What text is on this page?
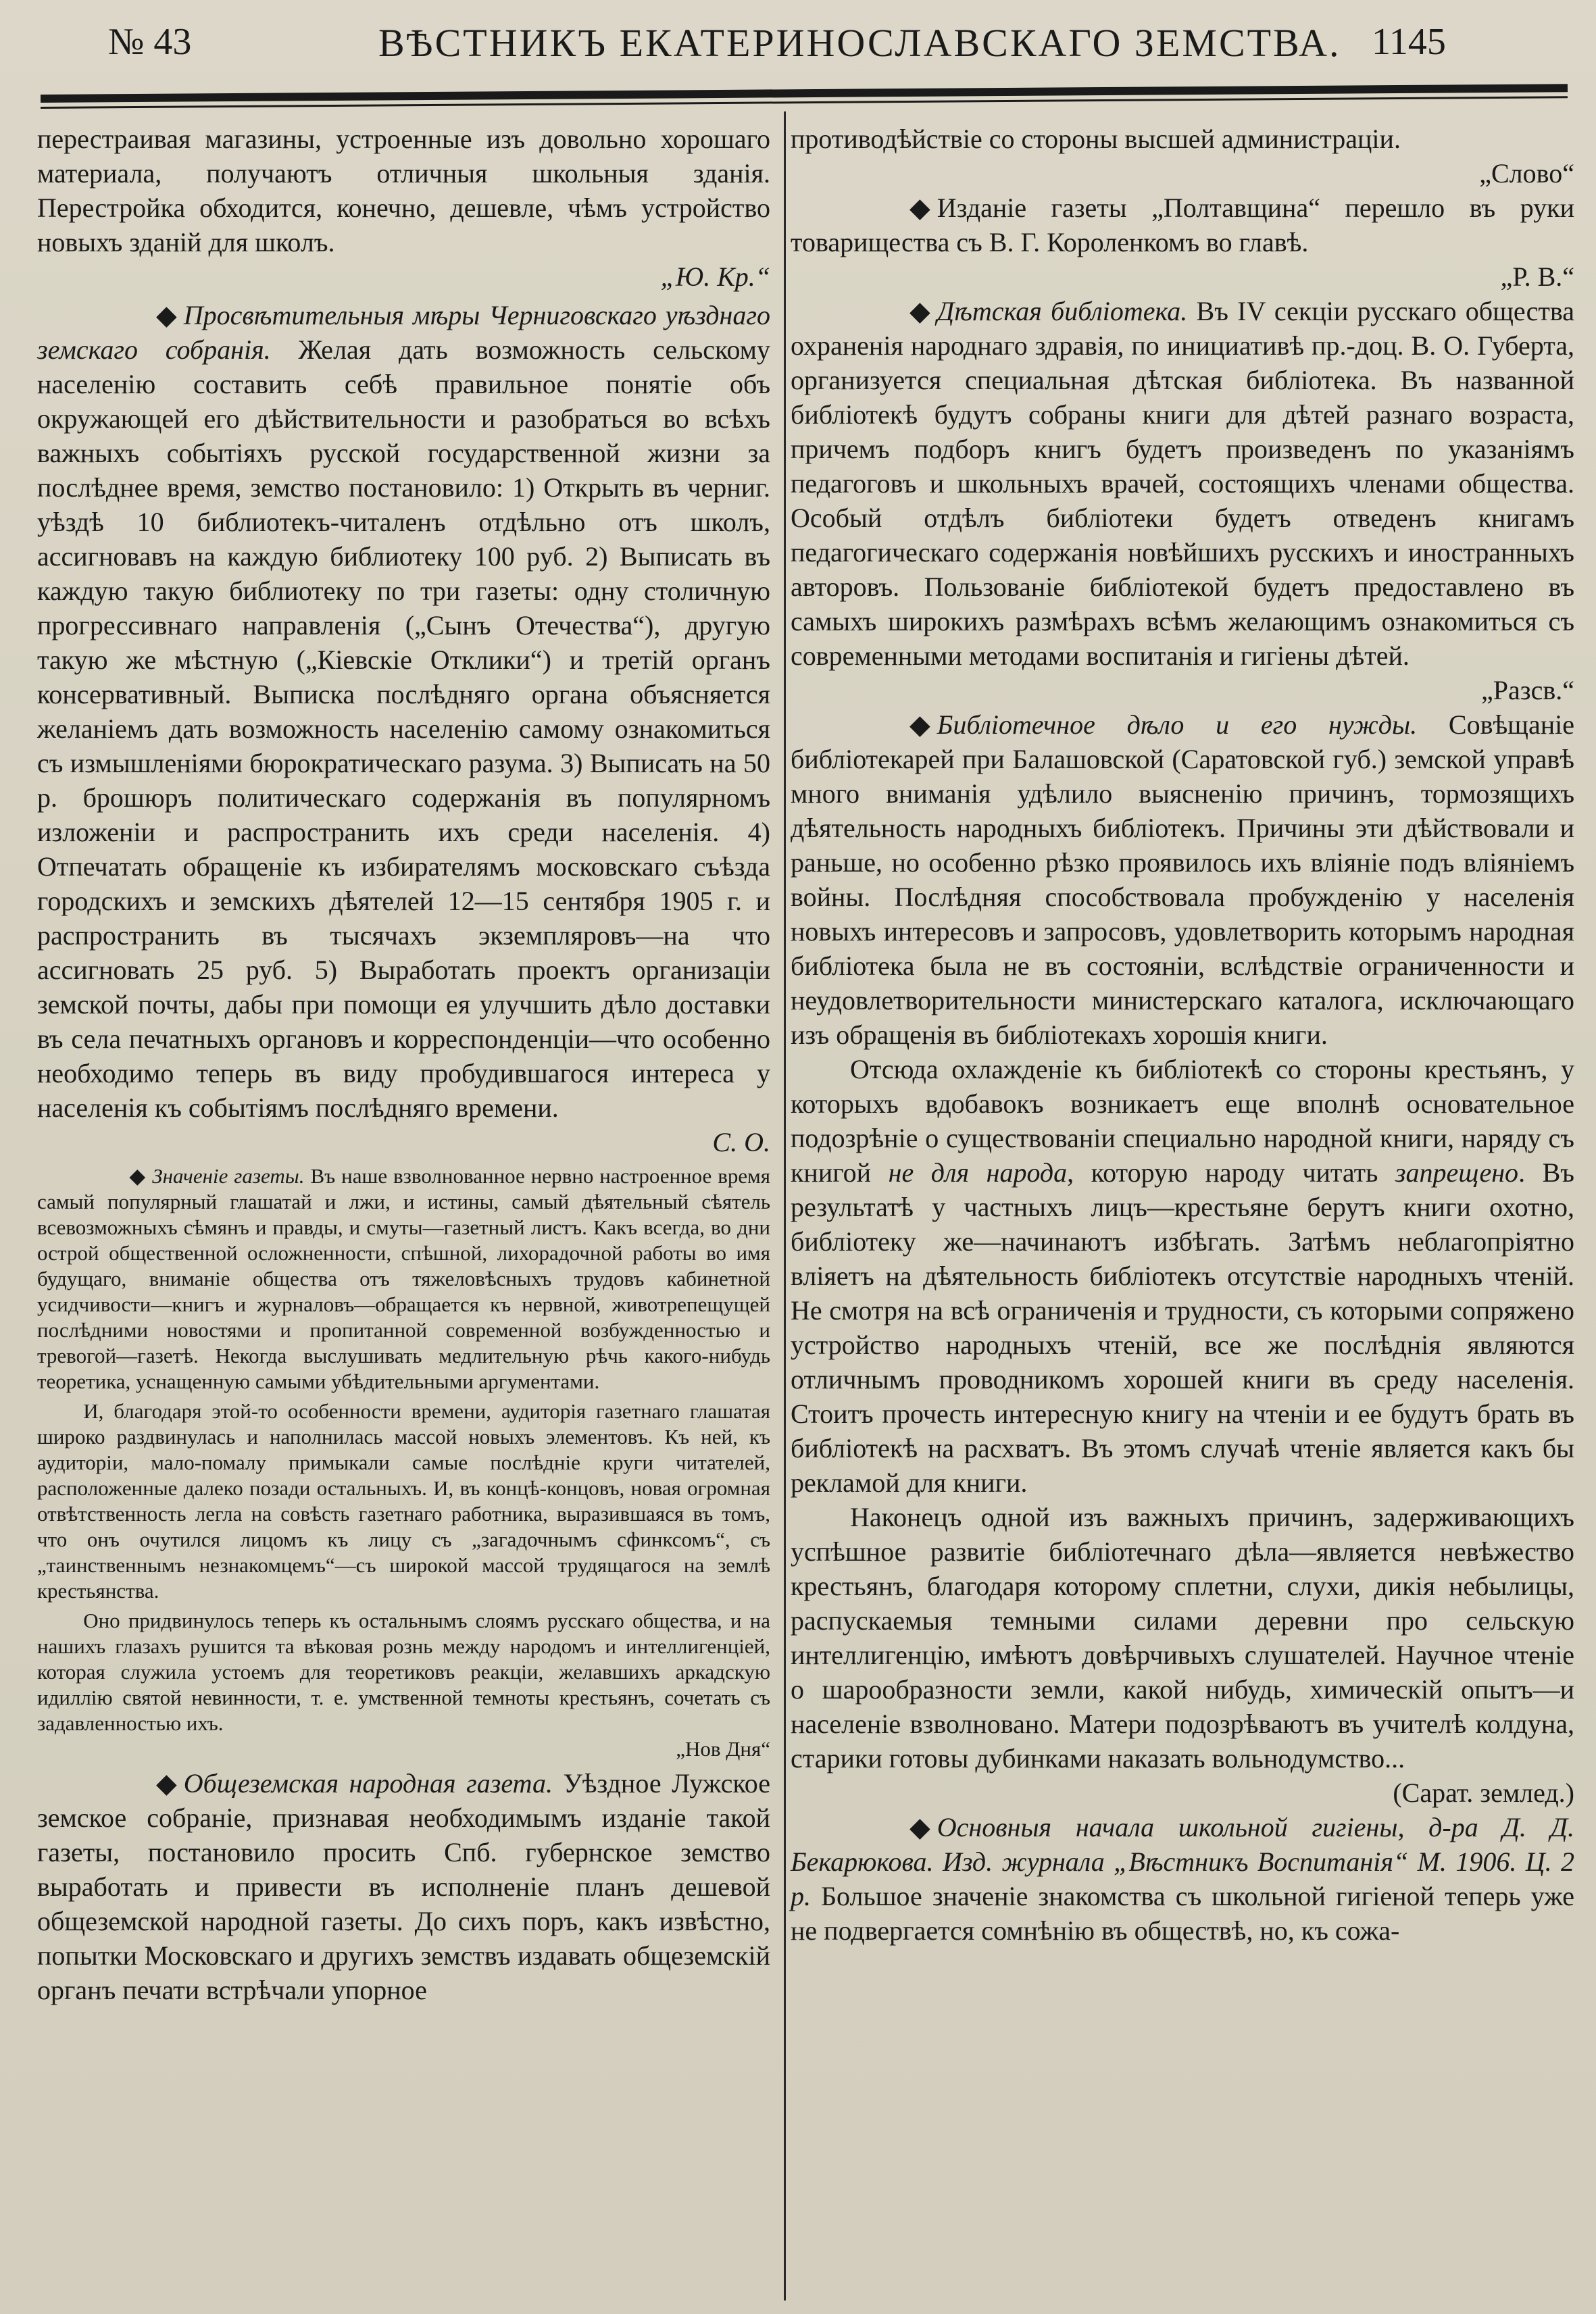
№ 43	ВѢСТНИКЪ ЕКАТЕРИНОСЛАВСКАГО ЗЕМСТВА. 1145

перестраивая магазины, устроенные изъ довольно хорошаго материала, получаютъ отличныя школьныя зданія. Перестройка обходится, конечно, дешевле, чѣмъ устройство новыхъ зданій для школъ.

„Ю. Кр.“

◆ Просвѣтительныя мѣры Черниговскаго уѣзднаго земскаго собранія. Желая дать возможность сельскому населенію составить себѣ правильное понятіе объ окружающей его дѣйствительности и разобраться во всѣхъ важныхъ событіяхъ русской государственной жизни за послѣднее время, земство постановило: 1) Открыть въ черниг. уѣздѣ 10 библиотекъ-читаленъ отдѣльно отъ школъ, ассигновавъ на каждую библиотеку 100 руб. 2) Выписать въ каждую такую библиотеку по три газеты: одну столичную прогрессивнаго направленія („Сынъ Отечества“), другую такую же мѣстную („Кіевскіе Отклики“) и третій органъ консервативный. Выписка послѣдняго органа объясняется желаніемъ дать возможность населенію самому ознакомиться съ измышленіями бюрократическаго разума. 3) Выписать на 50 р. брошюръ политическаго содержанія въ популярномъ изложеніи и распространить ихъ среди населенія. 4) Отпечатать обращеніе къ избирателямъ московскаго съѣзда городскихъ и земскихъ дѣятелей 12—15 сентября 1905 г. и распространить въ тысячахъ экземпляровъ—на что ассигновать 25 руб. 5) Выработать проектъ организаціи земской почты, дабы при помощи ея улучшить дѣло доставки въ села печатныхъ органовъ и корреспонденціи—что особенно необходимо теперь въ виду пробудившагося интереса у населенія къ событіямъ послѣдняго времени.

С. О.

◆ Значеніе газеты. Въ наше взволнованное нервно настроенное время самый популярный глашатай и лжи, и истины, самый дѣятельный сѣятель всевозможныхъ сѣмянъ и правды, и смуты—газетный листъ. Какъ всегда, во дни острой общественной осложненности, спѣшной, лихорадочной работы во имя будущаго, вниманіе общества отъ тяжеловѣсныхъ трудовъ кабинетной усидчивости—книгъ и журналовъ—обращается къ нервной, животрепещущей послѣдними новостями и пропитанной современной возбужденностью и тревогой—газетѣ. Некогда выслушивать медлительную рѣчь какого-нибудь теоретика, уснащенную самыми убѣдительными аргументами.

И, благодаря этой-то особенности времени, аудиторія газетнаго глашатая широко раздвинулась и наполнилась массой новыхъ элементовъ. Къ ней, къ аудиторіи, мало-помалу примыкали самые послѣдніе круги читателей, расположенные далеко позади остальныхъ. И, въ концѣ-концовъ, новая огромная отвѣтственность легла на совѣсть газетнаго работника, выразившаяся въ томъ, что онъ очутился лицомъ къ лицу съ „загадочнымъ сфинксомъ“, съ „таинственнымъ незнакомцемъ“—съ широкой массой трудящагося на землѣ крестьянства.

Оно придвинулось теперь къ остальнымъ слоямъ русскаго общества, и на нашихъ глазахъ рушится та вѣковая рознь между народомъ и интеллигенціей, которая служила устоемъ для теоретиковъ реакціи, желавшихъ аркадскую идиллію святой невинности, т. е. умственной темноты крестьянъ, сочетать съ задавленностью ихъ.

„Нов Дня“

◆ Общеземская народная газета. Уѣздное Лужское земское собраніе, признавая необходимымъ изданіе такой газеты, постановило просить Спб. губернское земство выработать и привести въ исполненіе планъ дешевой общеземской народной газеты. До сихъ поръ, какъ извѣстно, попытки Московскаго и другихъ земствъ издавать общеземскій органъ печати встрѣчали упорное

противодѣйствіе со стороны высшей администраціи.

„Слово“

◆ Изданіе газеты „Полтавщина“ перешло въ руки товарищества съ В. Г. Короленкомъ во главѣ.

„Р. В.“

◆ Дѣтская библіотека. Въ IV секціи русскаго общества охраненія народнаго здравія, по инициативѣ пр.-доц. В. О. Губерта, организуется специальная дѣтская библіотека. Въ названной библіотекѣ будутъ собраны книги для дѣтей разнаго возраста, причемъ подборъ книгъ будетъ произведенъ по указаніямъ педагоговъ и школьныхъ врачей, состоящихъ членами общества. Особый отдѣлъ библіотеки будетъ отведенъ книгамъ педагогическаго содержанія новѣйшихъ русскихъ и иностранныхъ авторовъ. Пользованіе библіотекой будетъ предоставлено въ самыхъ широкихъ размѣрахъ всѣмъ желающимъ ознакомиться съ современными методами воспитанія и гигіены дѣтей.

„Разсв.“

◆ Библіотечное дѣло и его нужды. Совѣщаніе библіотекарей при Балашовской (Саратовской губ.) земской управѣ много вниманія удѣлило выясненію причинъ, тормозящихъ дѣятельность народныхъ библіотекъ. Причины эти дѣйствовали и раньше, но особенно рѣзко проявилось ихъ вліяніе подъ вліяніемъ войны. Послѣдняя способствовала пробужденію у населенія новыхъ интересовъ и запросовъ, удовлетворить которымъ народная библіотека была не въ состояніи, вслѣдствіе ограниченности и неудовлетворительности министерскаго каталога, исключающаго изъ обращенія въ библіотекахъ хорошія книги.

Отсюда охлажденіе къ библіотекѣ со стороны крестьянъ, у которыхъ вдобавокъ возникаетъ еще вполнѣ основательное подозрѣніе о существованіи специально народной книги, наряду съ книгой не для народа, которую народу читать запрещено. Въ результатѣ у частныхъ лицъ—крестьяне берутъ книги охотно, библіотеку же—начинаютъ избѣгать. Затѣмъ неблагопріятно вліяетъ на дѣятельность библіотекъ отсутствіе народныхъ чтеній. Не смотря на всѣ ограниченія и трудности, съ которыми сопряжено устройство народныхъ чтеній, все же послѣднія являются отличнымъ проводникомъ хорошей книги въ среду населенія. Стоитъ прочесть интересную книгу на чтеніи и ее будутъ брать въ библіотекѣ на расхватъ. Въ этомъ случаѣ чтеніе является какъ бы рекламой для книги.

Наконецъ одной изъ важныхъ причинъ, задерживающихъ успѣшное развитіе библіотечнаго дѣла—является невѣжество крестьянъ, благодаря которому сплетни, слухи, дикія небылицы, распускаемыя темными силами деревни про сельскую интеллигенцію, имѣютъ довѣрчивыхъ слушателей. Научное чтеніе о шарообразности земли, какой нибудь, химическій опытъ—и населеніе взволновано. Матери подозрѣваютъ въ учителѣ колдуна, старики готовы дубинками наказать вольнодумство...

(Сарат. землед.)

◆ Основныя начала школьной гигіены, д-ра Д. Д. Бекарюкова. Изд. журнала „Вѣстникъ Воспитанія“ М. 1906. Ц. 2 р. Большое значеніе знакомства съ школьной гигіеной теперь уже не подвергается сомнѣнію въ обществѣ, но, къ сожа-
